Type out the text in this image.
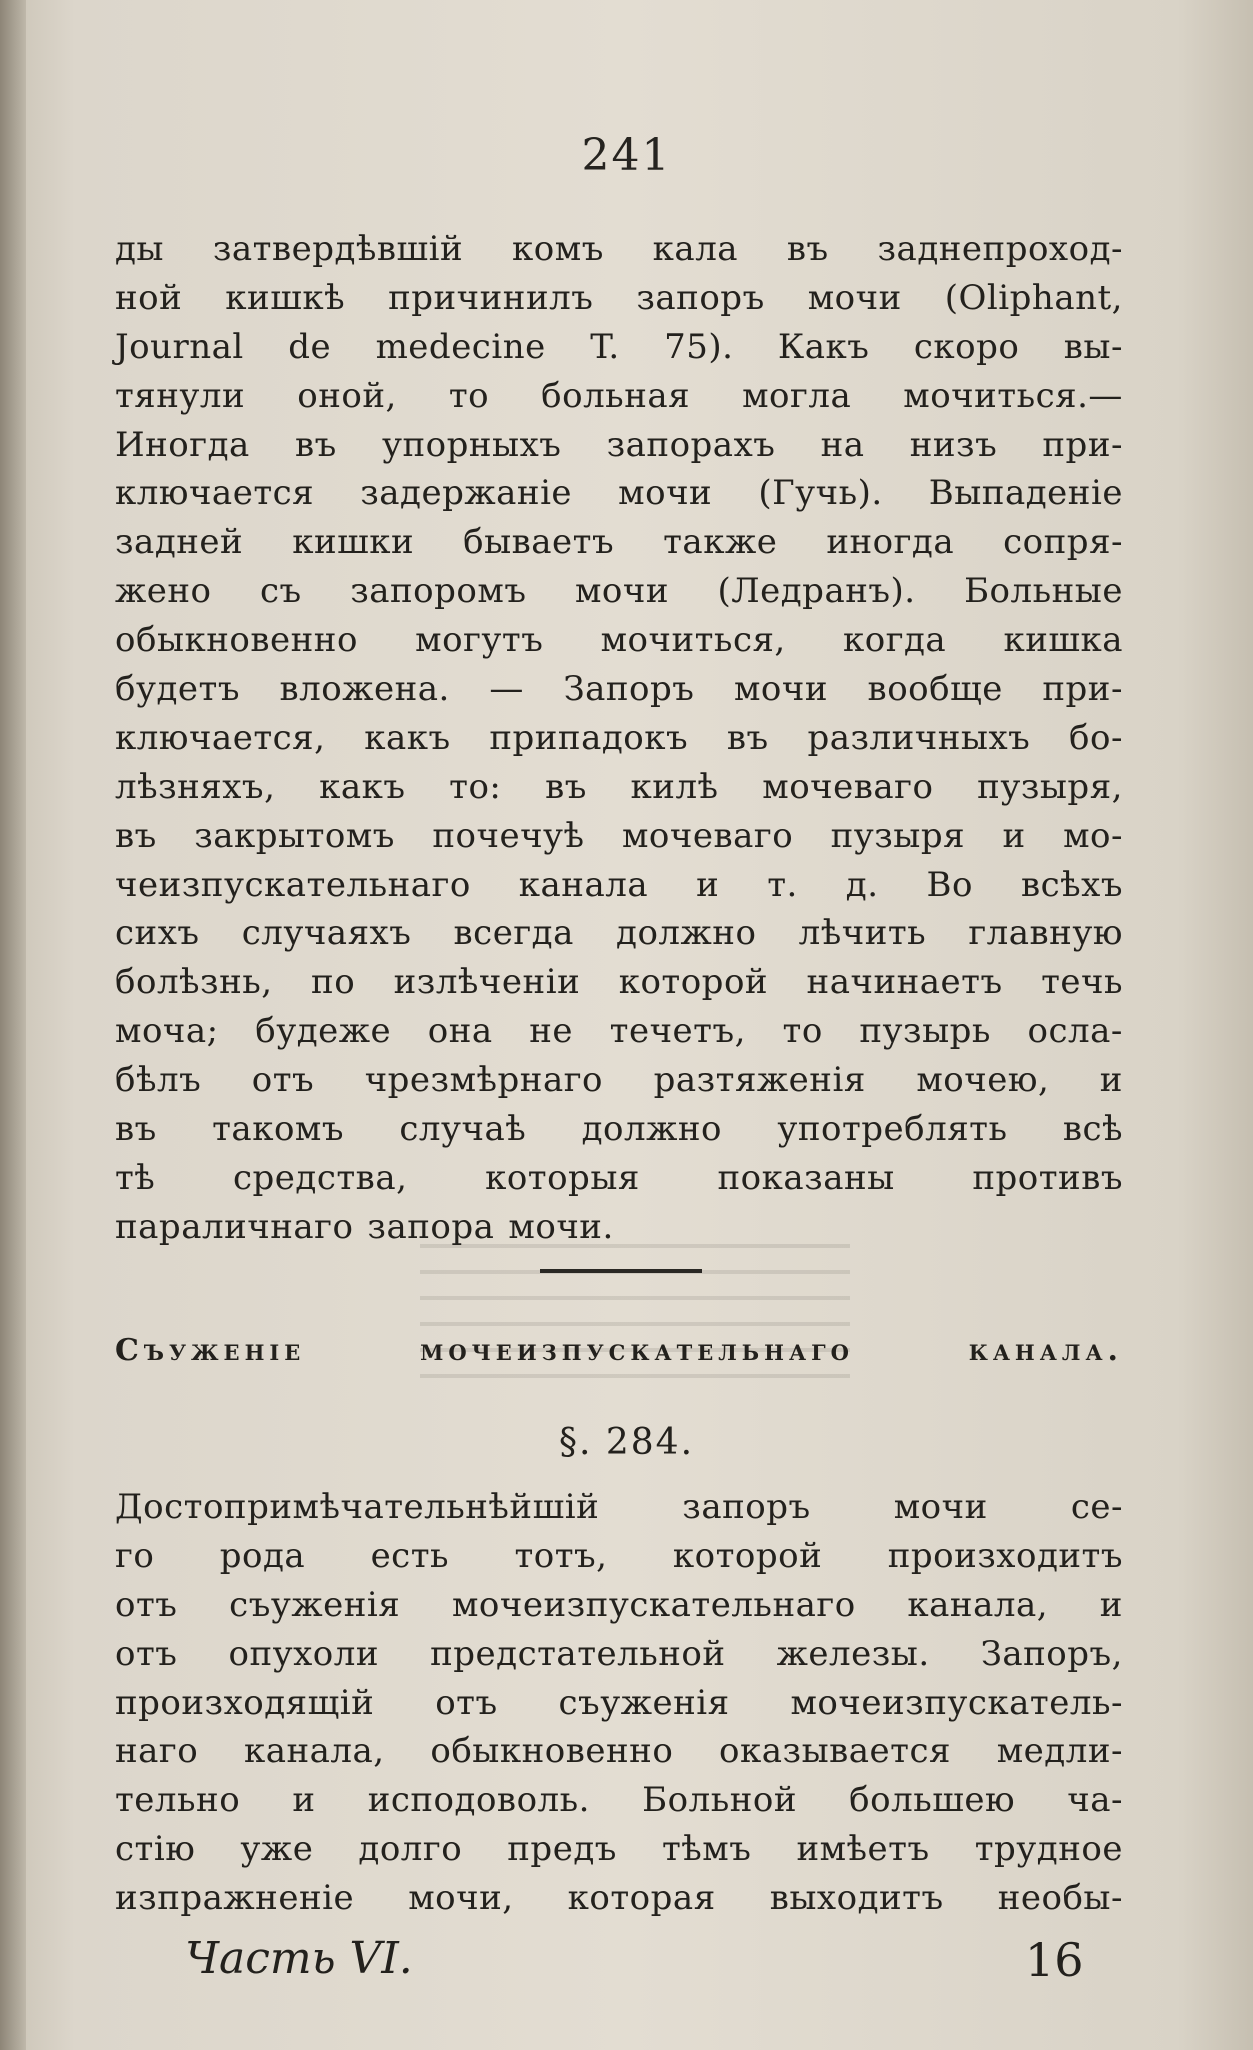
241
ды затвердѣвшій комъ кала въ заднепроход-
ной кишкѣ причинилъ запоръ мочи (Oliphant,
Journal de medecine T. 75). Какъ скоро вы-
тянули оной, то больная могла мочиться.—
Иногда въ упорныхъ запорахъ на низъ при-
ключается задержаніе мочи (Гучь). Выпаденіе
задней кишки бываетъ также иногда сопря-
жено съ запоромъ мочи (Ледранъ). Больные
обыкновенно могутъ мочиться, когда кишка
будетъ вложена. — Запоръ мочи вообще при-
ключается, какъ припадокъ въ различныхъ бо-
лѣзняхъ, какъ то: въ килѣ мочеваго пузыря,
въ закрытомъ почечуѣ мочеваго пузыря и мо-
чеизпускательнаго канала и т. д. Во всѣхъ
сихъ случаяхъ всегда должно лѣчить главную
болѣзнь, по излѣченіи которой начинаетъ течь
моча; будеже она не течетъ, то пузырь осла-
бѣлъ отъ чрезмѣрнаго разтяженія мочею, и
въ такомъ случаѣ должно употреблять всѣ
тѣ средства, которыя показаны противъ
параличнаго запора мочи.
Съуженіе мочеизпускательнаго канала.
§. 284.
Достопримѣчательнѣйшій запоръ мочи се-
го рода есть тотъ, которой произходитъ
отъ съуженія мочеизпускательнаго канала, и
отъ опухоли предстательной железы. Запоръ,
произходящій отъ съуженія мочеизпускатель-
наго канала, обыкновенно оказывается медли-
тельно и исподоволь. Больной большею ча-
стію уже долго предъ тѣмъ имѣетъ трудное
изпражненіе мочи, которая выходитъ необы-
Часть VI.	16
